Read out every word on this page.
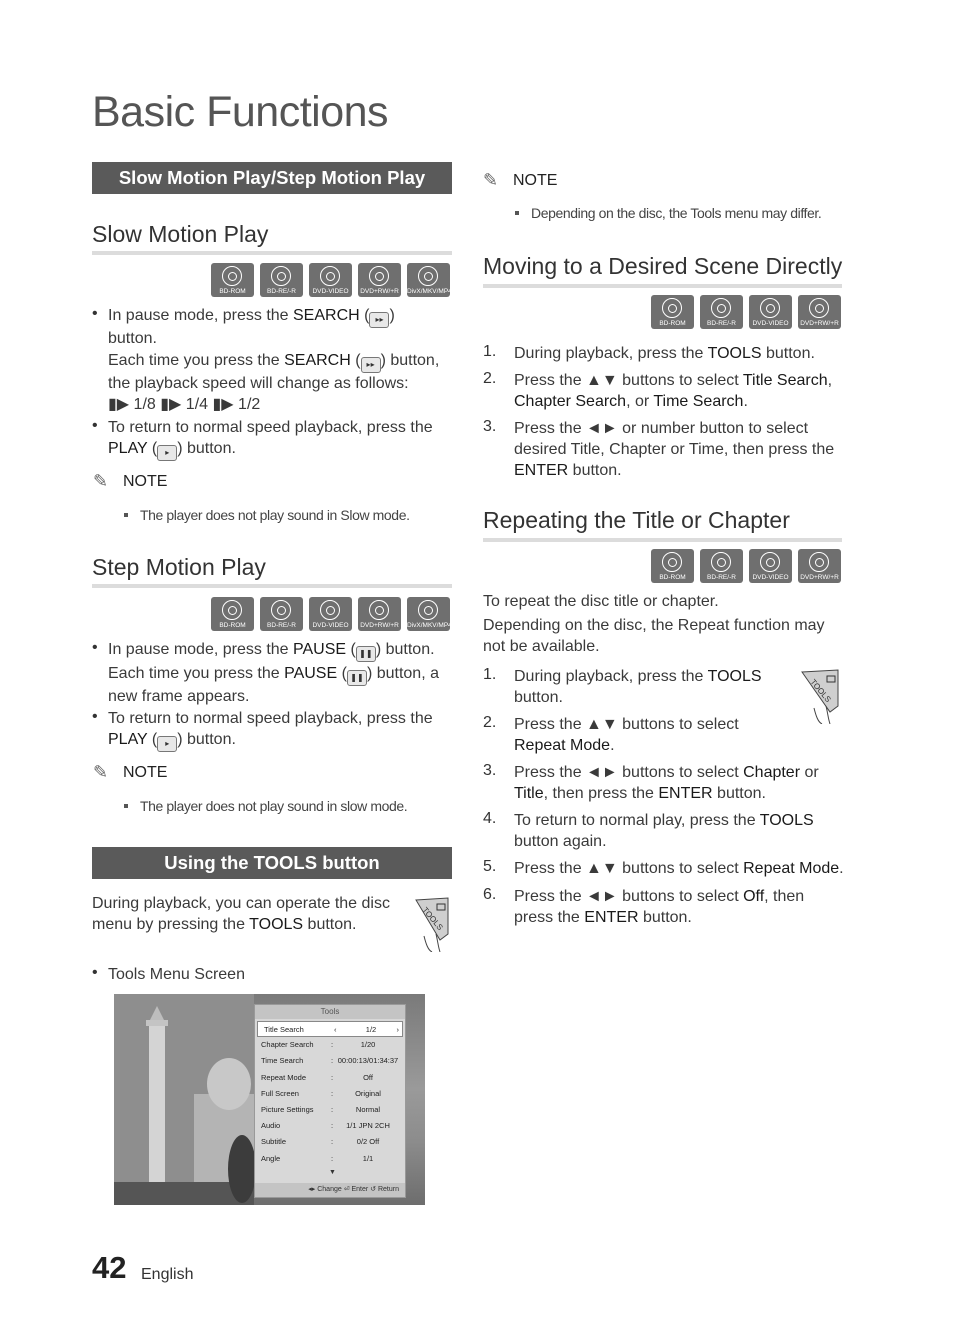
Basic Functions
Slow Motion Play/Step Motion Play
Slow Motion Play
BD-ROM	BD-RE/-R	DVD-VIDEO	DVD+RW/+R	DivX/MKV/MP4
• In pause mode, press the SEARCH ( ▸▸ )
button.
Each time you press the SEARCH ( ▸▸ ) button,
the playback speed will change as follows:
▮▶ 1/8 ▮▶ 1/4 ▮▶ 1/2
• To return to normal speed playback, press the
PLAY ( ▸ ) button.
✎ NOTE
The player does not play sound in Slow mode.
Step Motion Play
BD-ROM	BD-RE/-R	DVD-VIDEO	DVD+RW/+R	DivX/MKV/MP4
• In pause mode, press the PAUSE ( ❚❚ ) button.
Each time you press the PAUSE ( ❚❚ ) button, a
new frame appears.
• To return to normal speed playback, press the
PLAY ( ▸ ) button.
✎ NOTE
The player does not play sound in slow mode.
Using the TOOLS button
During playback, you can operate the disc
menu by pressing the TOOLS button.	TOOLS
• Tools Menu Screen
Tools
Title Search	‹	1/2	›
Chapter Search :	1/20
Time Search	: 00:00:13/01:34:37
Repeat Mode	:	Off
Full Screen	:	Original
Picture Settings :	Normal
Audio	:	1/1 JPN 2CH
Subtitle	:	0/2 Off
Angle	:	1/1
▼
◂▸ Change ⏎ Enter ↺ Return
✎ NOTE
Depending on the disc, the Tools menu may differ.
Moving to a Desired Scene Directly
BD-ROM	BD-RE/-R	DVD-VIDEO	DVD+RW/+R
1. During playback, press the TOOLS button.
2. Press the ▲▼ buttons to select Title Search,
Chapter Search, or Time Search.
3. Press the ◄► or number button to select
desired Title, Chapter or Time, then press the
ENTER button.
Repeating the Title or Chapter
BD-ROM	BD-RE/-R	DVD-VIDEO	DVD+RW/+R
To repeat the disc title or chapter.

Depending on the disc, the Repeat function may
not be available.
1. During playback, press the TOOLS
button.	TOOLS
2. Press the ▲▼ buttons to select
Repeat Mode.
3. Press the ◄► buttons to select Chapter or
Title, then press the ENTER button.
4. To return to normal play, press the TOOLS
button again.
5. Press the ▲▼ buttons to select Repeat Mode.
6. Press the ◄► buttons to select Off, then
press the ENTER button.
42 English
